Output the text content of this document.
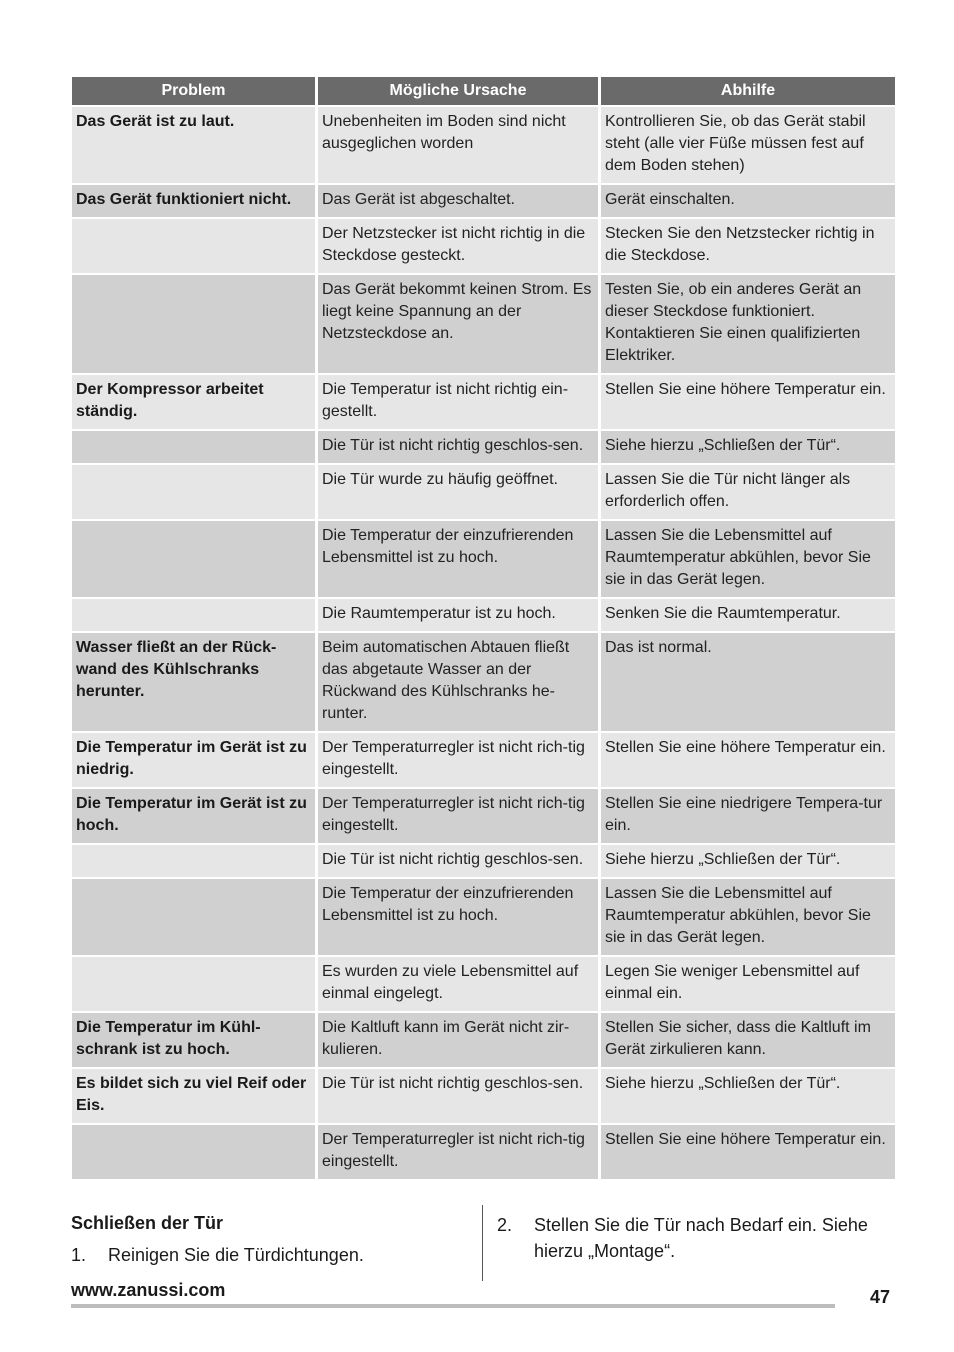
Problem	Mögliche Ursache	Abhilfe
Das Gerät ist zu laut.	Unebenheiten im Boden sind nicht ausgeglichen worden	Kontrollieren Sie, ob das Gerät stabil steht (alle vier Füße müssen fest auf dem Boden stehen)
Das Gerät funktioniert nicht.	Das Gerät ist abgeschaltet.	Gerät einschalten.
	Der Netzstecker ist nicht richtig in die Steckdose gesteckt.	Stecken Sie den Netzstecker richtig in die Steckdose.
	Das Gerät bekommt keinen Strom. Es liegt keine Spannung an der Netzsteckdose an.	Testen Sie, ob ein anderes Gerät an dieser Steckdose funktioniert. Kontaktieren Sie einen qualifizierten Elektriker.
Der Kompressor arbeitet ständig.	Die Temperatur ist nicht richtig ein-gestellt.	Stellen Sie eine höhere Temperatur ein.
	Die Tür ist nicht richtig geschlos-sen.	Siehe hierzu „Schließen der Tür“.
	Die Tür wurde zu häufig geöffnet.	Lassen Sie die Tür nicht länger als erforderlich offen.
	Die Temperatur der einzufrierenden Lebensmittel ist zu hoch.	Lassen Sie die Lebensmittel auf Raumtemperatur abkühlen, bevor Sie sie in das Gerät legen.
	Die Raumtemperatur ist zu hoch.	Senken Sie die Raumtemperatur.
Wasser fließt an der Rück-wand des Kühlschranks herunter.	Beim automatischen Abtauen fließt das abgetaute Wasser an der Rückwand des Kühlschranks he-runter.	Das ist normal.
Die Temperatur im Gerät ist zu niedrig.	Der Temperaturregler ist nicht rich-tig eingestellt.	Stellen Sie eine höhere Temperatur ein.
Die Temperatur im Gerät ist zu hoch.	Der Temperaturregler ist nicht rich-tig eingestellt.	Stellen Sie eine niedrigere Tempera-tur ein.
	Die Tür ist nicht richtig geschlos-sen.	Siehe hierzu „Schließen der Tür“.
	Die Temperatur der einzufrierenden Lebensmittel ist zu hoch.	Lassen Sie die Lebensmittel auf Raumtemperatur abkühlen, bevor Sie sie in das Gerät legen.
	Es wurden zu viele Lebensmittel auf einmal eingelegt.	Legen Sie weniger Lebensmittel auf einmal ein.
Die Temperatur im Kühl-schrank ist zu hoch.	Die Kaltluft kann im Gerät nicht zir-kulieren.	Stellen Sie sicher, dass die Kaltluft im Gerät zirkulieren kann.
Es bildet sich zu viel Reif oder Eis.	Die Tür ist nicht richtig geschlos-sen.	Siehe hierzu „Schließen der Tür“.
	Der Temperaturregler ist nicht rich-tig eingestellt.	Stellen Sie eine höhere Temperatur ein.
Schließen der Tür
1. Reinigen Sie die Türdichtungen.
2. Stellen Sie die Tür nach Bedarf ein. Siehe hierzu „Montage“.
www.zanussi.com	47
